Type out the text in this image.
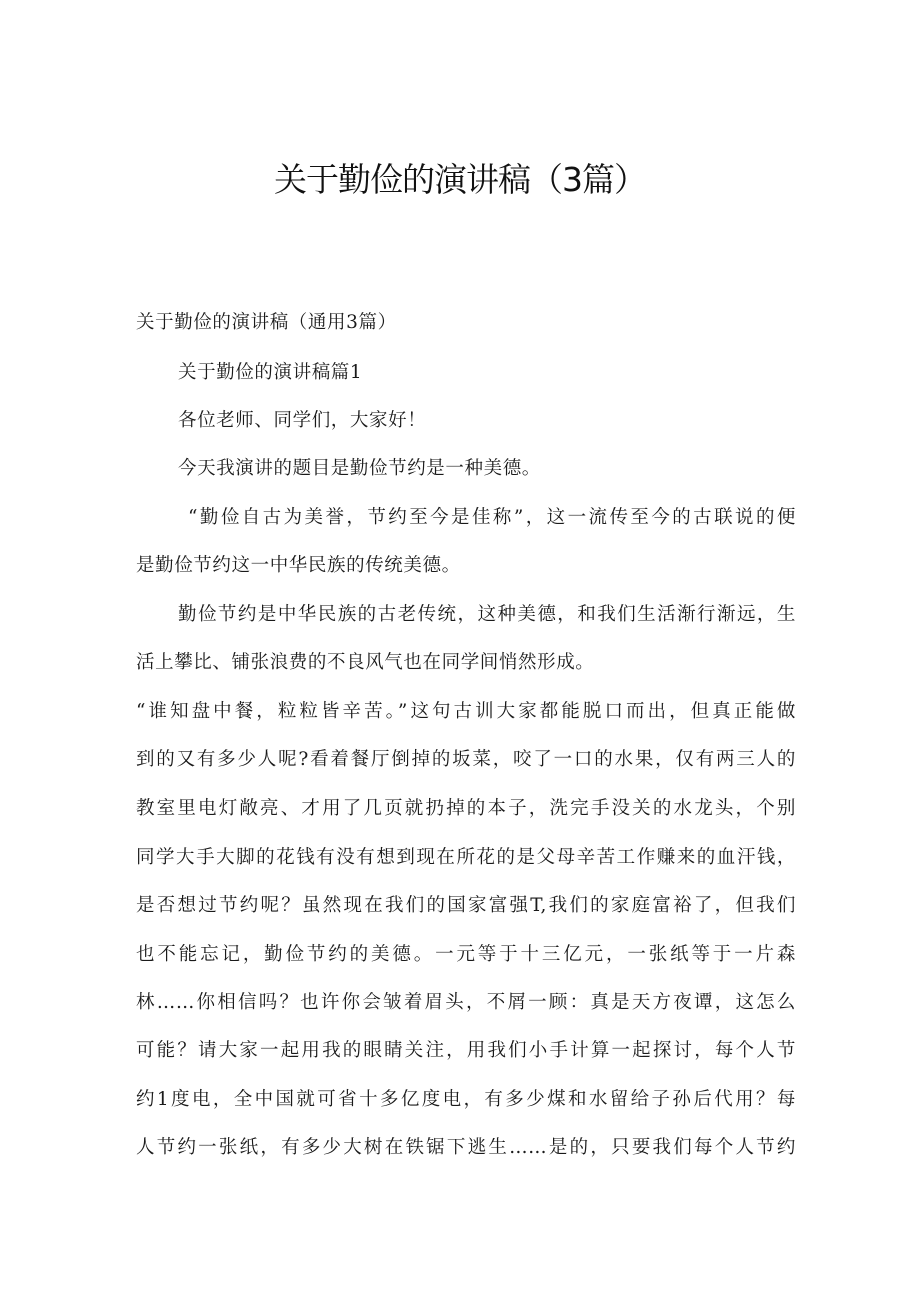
关于勤俭的演讲稿（3篇）
关于勤俭的演讲稿（通用3篇）
关于勤俭的演讲稿篇1
各位老师、同学们，大家好！
今天我演讲的题目是勤俭节约是一种美德。
“勤俭自古为美誉，节约至今是佳称”，这一流传至今的古联说的便
是勤俭节约这一中华民族的传统美德。
勤俭节约是中华民族的古老传统，这种美德，和我们生活渐行渐远，生
活上攀比、铺张浪费的不良风气也在同学间悄然形成。
“谁知盘中餐，粒粒皆辛苦。”这句古训大家都能脱口而出，但真正能做
到的又有多少人呢?看着餐厅倒掉的坂菜，咬了一口的水果，仅有两三人的
教室里电灯敞亮、才用了几页就扔掉的本子，洗完手没关的水龙头，个别
同学大手大脚的花钱有没有想到现在所花的是父母辛苦工作赚来的血汗钱，
是否想过节约呢？虽然现在我们的国家富强T,我们的家庭富裕了，但我们
也不能忘记，勤俭节约的美德。一元等于十三亿元，一张纸等于一片森
林……你相信吗？也许你会皱着眉头，不屑一顾：真是天方夜谭，这怎么
可能？请大家一起用我的眼睛关注，用我们小手计算一起探讨，每个人节
约1度电，全中国就可省十多亿度电，有多少煤和水留给子孙后代用？每
人节约一张纸，有多少大树在铁锯下逃生……是的，只要我们每个人节约
